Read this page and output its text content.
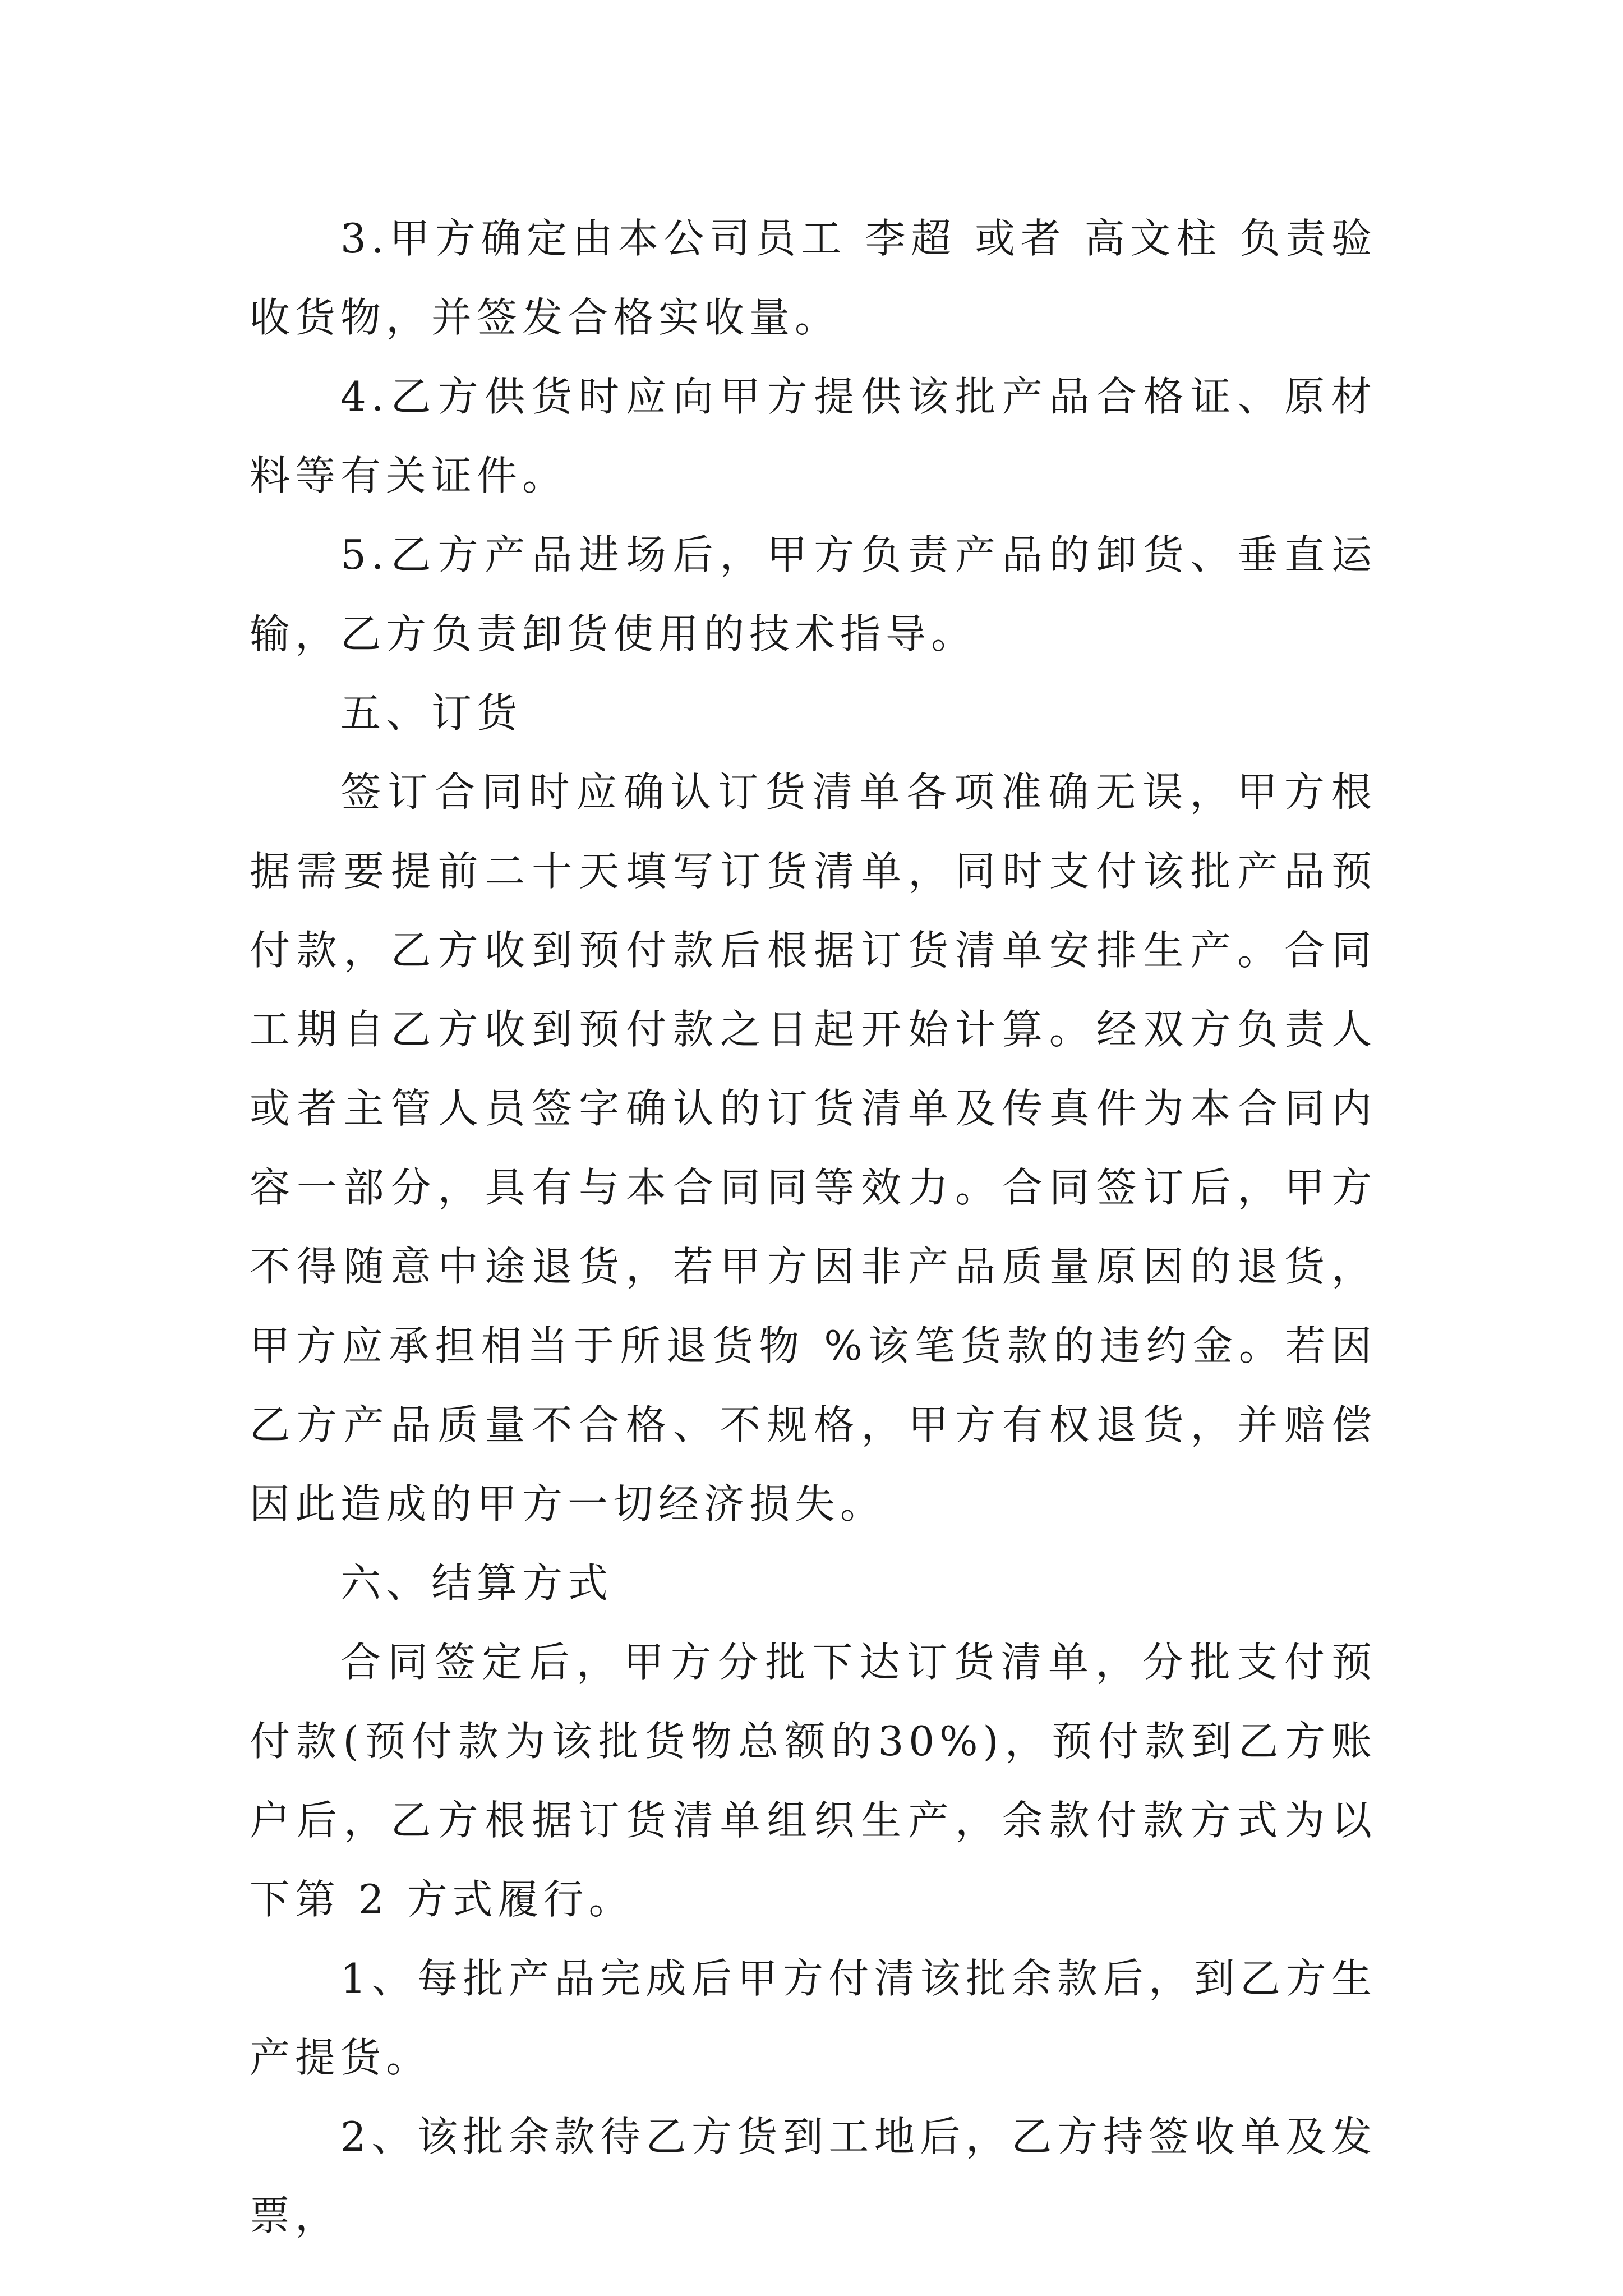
3.甲方确定由本公司员工 李超 或者 高文柱 负责验收货物，并签发合格实收量。

4.乙方供货时应向甲方提供该批产品合格证、原材料等有关证件。

5.乙方产品进场后，甲方负责产品的卸货、垂直运输，乙方负责卸货使用的技术指导。

五、订货

签订合同时应确认订货清单各项准确无误，甲方根据需要提前二十天填写订货清单，同时支付该批产品预付款，乙方收到预付款后根据订货清单安排生产。合同工期自乙方收到预付款之日起开始计算。经双方负责人或者主管人员签字确认的订货清单及传真件为本合同内容一部分，具有与本合同同等效力。合同签订后，甲方不得随意中途退货，若甲方因非产品质量原因的退货，甲方应承担相当于所退货物 %该笔货款的违约金。若因乙方产品质量不合格、不规格，甲方有权退货，并赔偿因此造成的甲方一切经济损失。

六、结算方式

合同签定后，甲方分批下达订货清单，分批支付预付款(预付款为该批货物总额的30%)，预付款到乙方账户后，乙方根据订货清单组织生产，余款付款方式为以下第 2 方式履行。

1、每批产品完成后甲方付清该批余款后，到乙方生产提货。

2、该批余款待乙方货到工地后，乙方持签收单及发票，
